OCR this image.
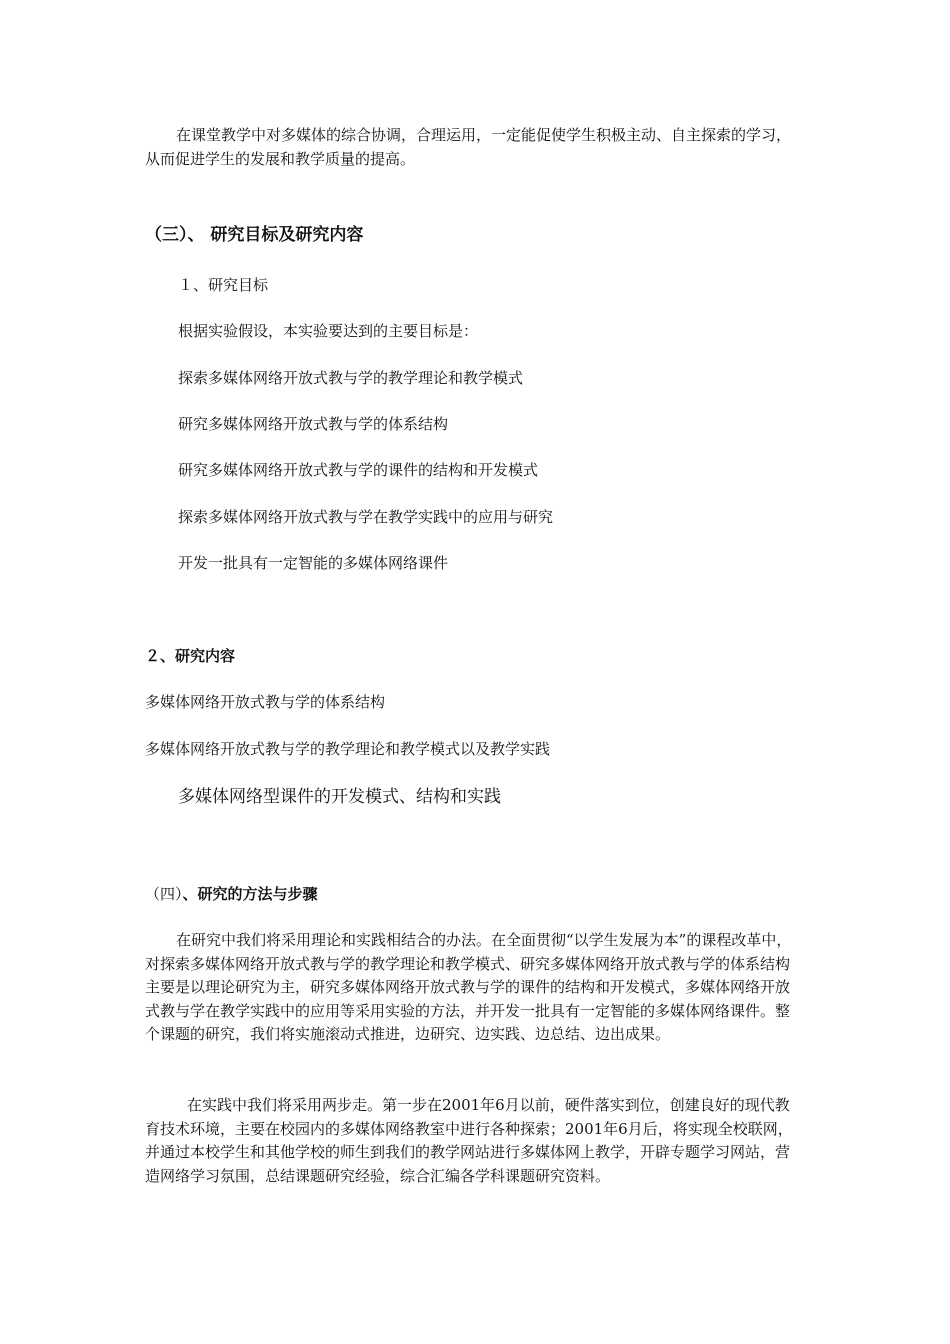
在课堂教学中对多媒体的综合协调，合理运用，一定能促使学生积极主动、自主探索的学习，从而促进学生的发展和教学质量的提高。

（三）、 研究目标及研究内容
１、研究目标
根据实验假设，本实验要达到的主要目标是：
探索多媒体网络开放式教与学的教学理论和教学模式
研究多媒体网络开放式教与学的体系结构
研究多媒体网络开放式教与学的课件的结构和开发模式
探索多媒体网络开放式教与学在教学实践中的应用与研究
开发一批具有一定智能的多媒体网络课件
２、研究内容
多媒体网络开放式教与学的体系结构
多媒体网络开放式教与学的教学理论和教学模式以及教学实践
多媒体网络型课件的开发模式、结构和实践
（四）、研究的方法与步骤

在研究中我们将采用理论和实践相结合的办法。在全面贯彻“以学生发展为本”的课程改革中，对探索多媒体网络开放式教与学的教学理论和教学模式、研究多媒体网络开放式教与学的体系结构主要是以理论研究为主，研究多媒体网络开放式教与学的课件的结构和开发模式，多媒体网络开放式教与学在教学实践中的应用等采用实验的方法，并开发一批具有一定智能的多媒体网络课件。整个课题的研究，我们将实施滚动式推进，边研究、边实践、边总结、边出成果。

在实践中我们将采用两步走。第一步在2001年6月以前，硬件落实到位，创建良好的现代教育技术环境，主要在校园内的多媒体网络教室中进行各种探索；2001年6月后，将实现全校联网，并通过本校学生和其他学校的师生到我们的教学网站进行多媒体网上教学，开辟专题学习网站，营造网络学习氛围，总结课题研究经验，综合汇编各学科课题研究资料。
